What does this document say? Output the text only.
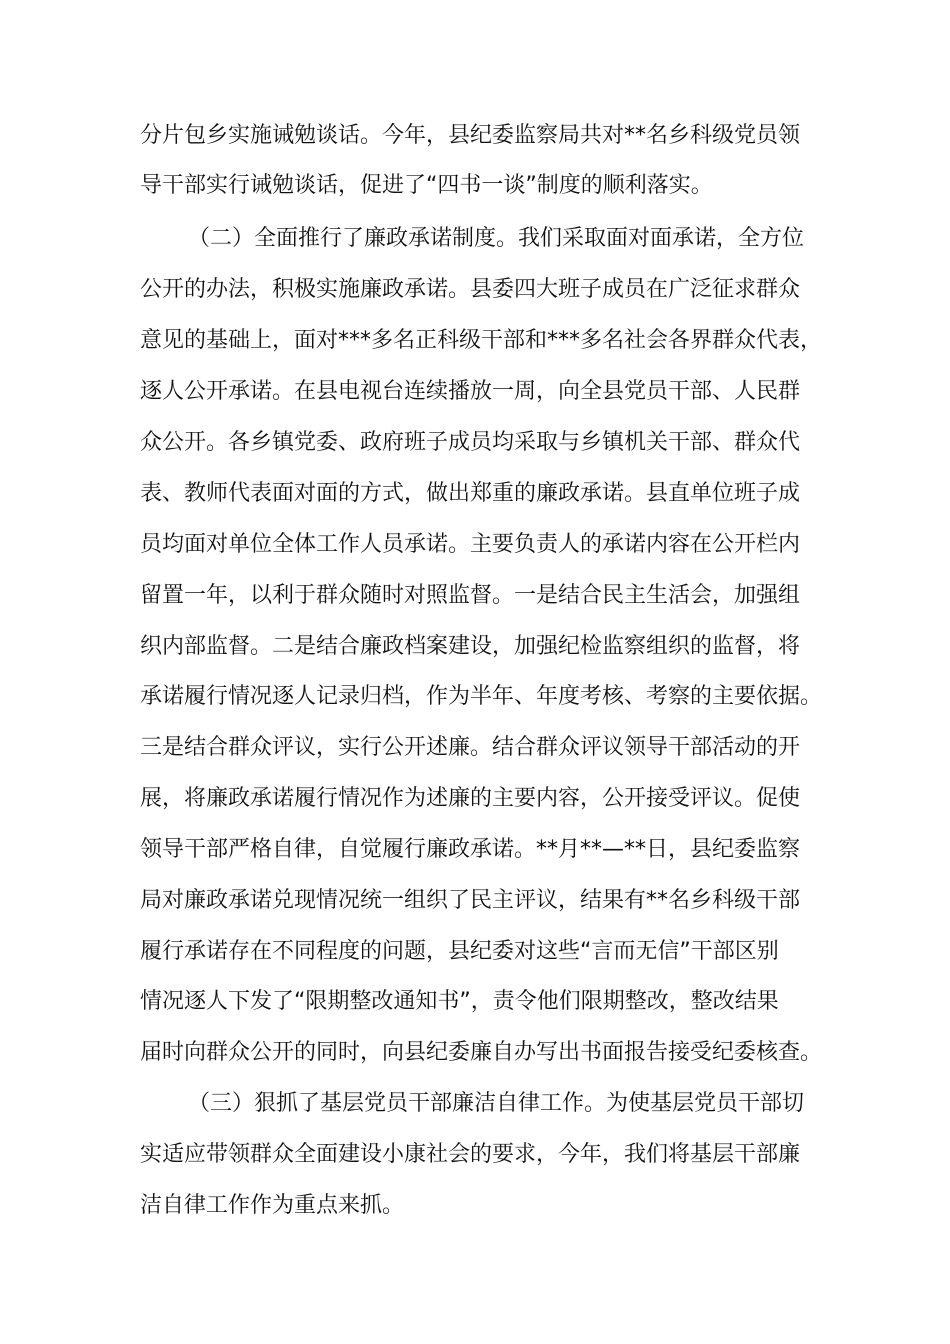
分片包乡实施诫勉谈话。今年，县纪委监察局共对**名乡科级党员领
导干部实行诫勉谈话，促进了“四书一谈”制度的顺利落实。
（二）全面推行了廉政承诺制度。我们采取面对面承诺，全方位
公开的办法，积极实施廉政承诺。县委四大班子成员在广泛征求群众
意见的基础上，面对***多名正科级干部和***多名社会各界群众代表，
逐人公开承诺。在县电视台连续播放一周，向全县党员干部、人民群
众公开。各乡镇党委、政府班子成员均采取与乡镇机关干部、群众代
表、教师代表面对面的方式，做出郑重的廉政承诺。县直单位班子成
员均面对单位全体工作人员承诺。主要负责人的承诺内容在公开栏内
留置一年，以利于群众随时对照监督。一是结合民主生活会，加强组
织内部监督。二是结合廉政档案建设，加强纪检监察组织的监督，将
承诺履行情况逐人记录归档，作为半年、年度考核、考察的主要依据。
三是结合群众评议，实行公开述廉。结合群众评议领导干部活动的开
展，将廉政承诺履行情况作为述廉的主要内容，公开接受评议。促使
领导干部严格自律，自觉履行廉政承诺。**月**—**日，县纪委监察
局对廉政承诺兑现情况统一组织了民主评议，结果有**名乡科级干部
履行承诺存在不同程度的问题，县纪委对这些“言而无信”干部区别
情况逐人下发了“限期整改通知书”，责令他们限期整改，整改结果
届时向群众公开的同时，向县纪委廉自办写出书面报告接受纪委核查。
（三）狠抓了基层党员干部廉洁自律工作。为使基层党员干部切
实适应带领群众全面建设小康社会的要求，今年，我们将基层干部廉
洁自律工作作为重点来抓。
